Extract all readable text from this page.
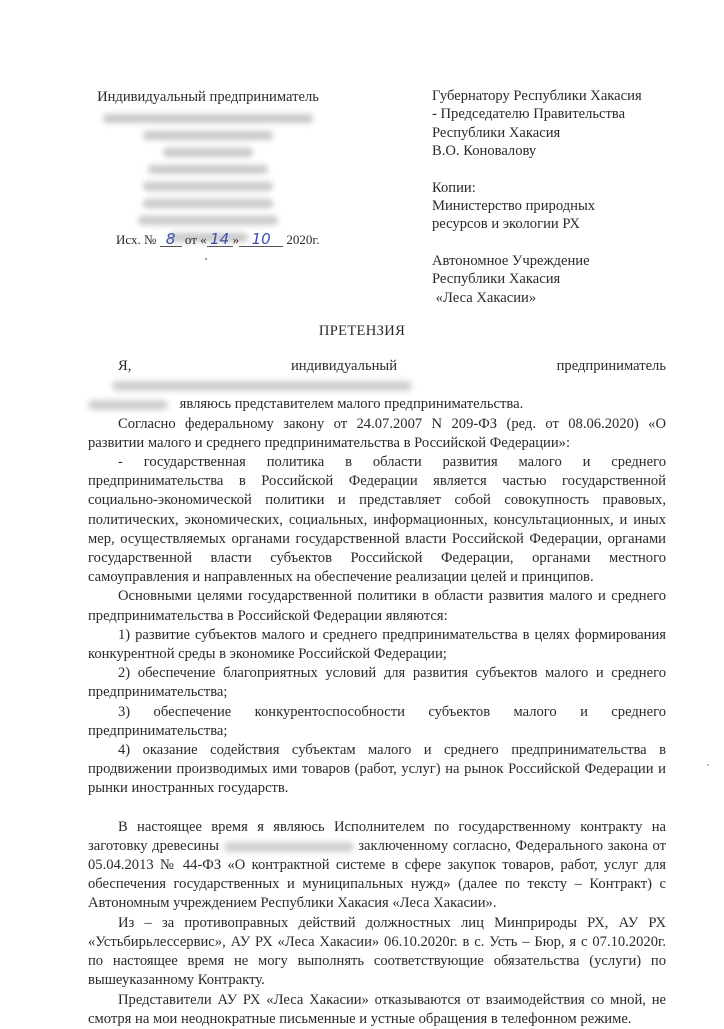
Индивидуальный предприниматель
Исх. № 8 от « 14 » 10 2020г.
Губернатору Республики Хакасия
- Председателю Правительства
Республики Хакасия
В.О. Коновалову
Копии:
Министерство природных
ресурсов и экологии РХ
Автономное Учреждение
Республики Хакасия
«Леса Хакасии»
ПРЕТЕНЗИЯ

Я,   индивидуальный   предприниматель

являюсь представителем малого предпринимательства.

Согласно федеральному закону от 24.07.2007 N 209-ФЗ (ред. от 08.06.2020) «О развитии малого и среднего предпринимательства в Российской Федерации»:

- государственная политика в области развития малого и среднего предпринимательства в Российской Федерации является частью государственной социально-экономической политики и представляет собой совокупность правовых, политических, экономических, социальных, информационных, консультационных, и иных мер, осуществляемых органами государственной власти Российской Федерации, органами государственной власти субъектов Российской Федерации, органами местного самоуправления и направленных на обеспечение реализации целей и принципов.

Основными целями государственной политики в области развития малого и среднего предпринимательства в Российской Федерации являются:

1) развитие субъектов малого и среднего предпринимательства в целях формирования конкурентной среды в экономике Российской Федерации;

2) обеспечение благоприятных условий для развития субъектов малого и среднего предпринимательства;

3) обеспечение конкурентоспособности субъектов малого и среднего предпринимательства;

4) оказание содействия субъектам малого и среднего предпринимательства в продвижении производимых ими товаров (работ, услуг) на рынок Российской Федерации и рынки иностранных государств.

В настоящее время я являюсь Исполнителем по государственному контракту на заготовку древесины	заключенному согласно, Федерального закона от 05.04.2013 № 44-ФЗ «О контрактной системе в сфере закупок товаров, работ, услуг для обеспечения государственных и муниципальных нужд» (далее по тексту – Контракт) с Автономным учреждением Республики Хакасия «Леса Хакасии».

Из – за противоправных действий должностных лиц Минприроды РХ, АУ РХ «Устьбирьлессервис», АУ РХ «Леса Хакасии» 06.10.2020г. в с. Усть – Бюр, я с 07.10.2020г. по настоящее время не могу выполнять соответствующие обязательства (услуги) по вышеуказанному Контракту.

Представители АУ РХ «Леса Хакасии» отказываются от взаимодействия со мной, не смотря на мои неоднократные письменные и устные обращения в телефонном режиме.
